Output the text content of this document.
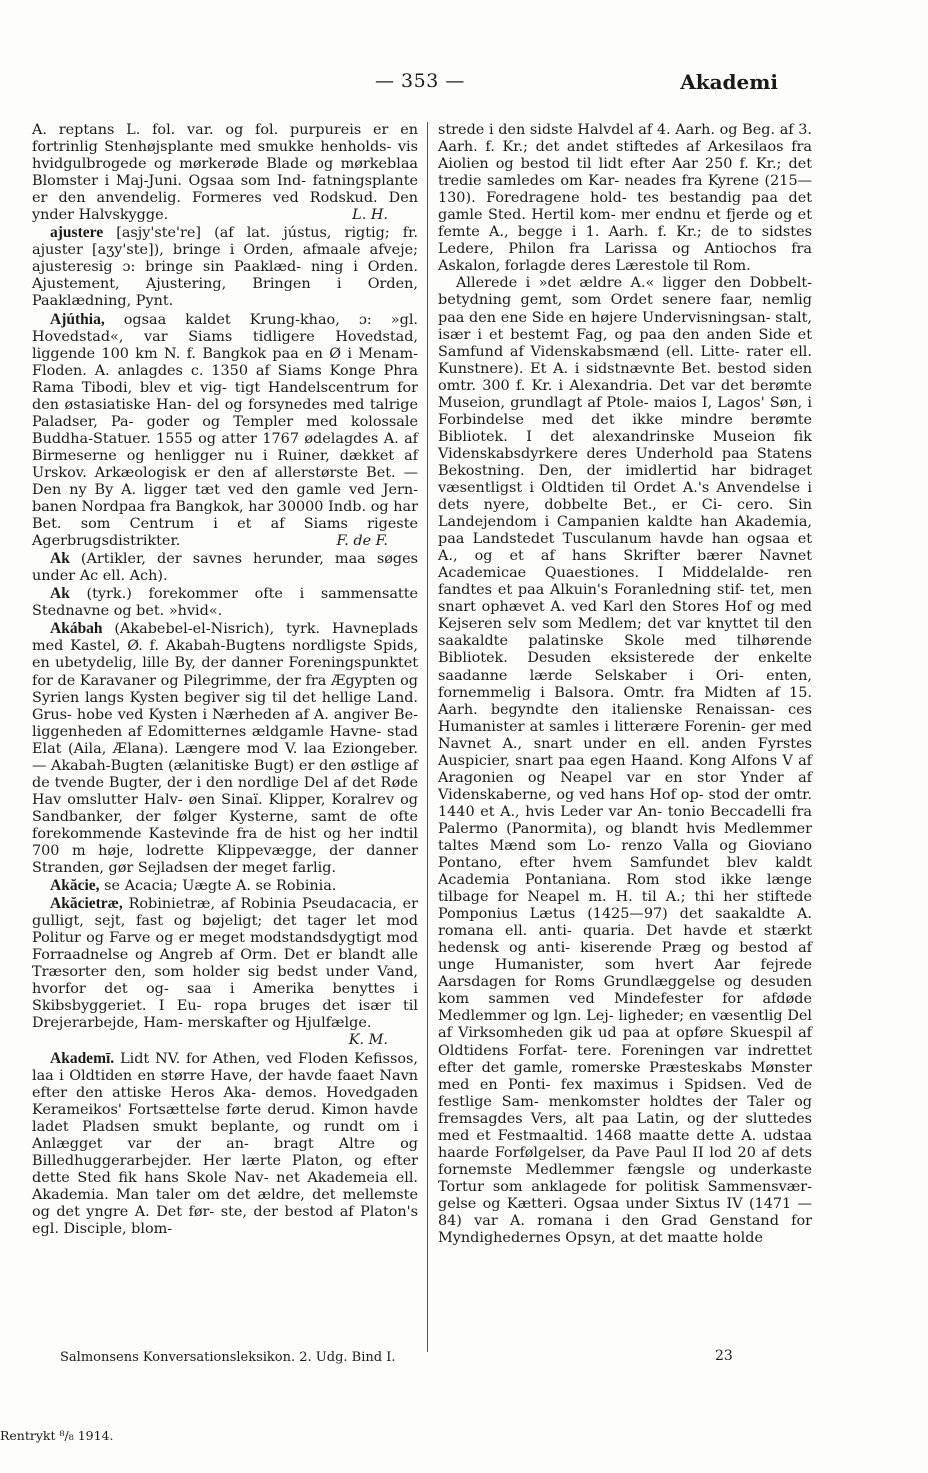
— 353 —	Akademi

A. reptans L. fol. var. og fol. purpureis er en fortrinlig Stenhøjsplante med smukke henholds- vis hvidgulbrogede og mørkerøde Blade og mørkeblaa Blomster i Maj-Juni. Ogsaa som Ind- fatningsplante er den anvendelig. Formeres ved Rodskud. Den ynder Halvskygge.	L. H.

ajustere [asjy'ste're] (af lat. jústus, rigtig; fr. ajuster [aʒy'ste]), bringe i Orden, afmaale afveje; ajusteresig ɔ: bringe sin Paaklæd- ning i Orden. Ajustement, Ajustering, Bringen i Orden, Paaklædning, Pynt.

Ajúthia, ogsaa kaldet Krung-khao, ɔ: »gl. Hovedstad«, var Siams tidligere Hovedstad, liggende 100 km N. f. Bangkok paa en Ø i Menam-Floden. A. anlagdes c. 1350 af Siams Konge Phra Rama Tibodi, blev et vig- tigt Handelscentrum for den østasiatiske Han- del og forsynedes med talrige Paladser, Pa- goder og Templer med kolossale Buddha-Statuer. 1555 og atter 1767 ødelagdes A. af Birmeserne og henligger nu i Ruiner, dækket af Urskov. Arkæologisk er den af allerstørste Bet. — Den ny By A. ligger tæt ved den gamle ved Jern- banen Nordpaa fra Bangkok, har 30000 Indb. og har Bet. som Centrum i et af Siams rigeste Agerbrugsdistrikter.	F. de F.

Ak (Artikler, der savnes herunder, maa søges under Ac ell. Ach).

Ak (tyrk.) forekommer ofte i sammensatte Stednavne og bet. »hvid«.

Akábah (Akabebel-el-Nisrich), tyrk. Havneplads med Kastel, Ø. f. Akabah-Bugtens nordligste Spids, en ubetydelig, lille By, der danner Foreningspunktet for de Karavaner og Pilegrimme, der fra Ægypten og Syrien langs Kysten begiver sig til det hellige Land. Grus- hobe ved Kysten i Nærheden af A. angiver Be- liggenheden af Edomitternes ældgamle Havne- stad Elat (Aila, Ælana). Længere mod V. laa Eziongeber. — Akabah-Bugten (ælanitiske Bugt) er den østlige af de tvende Bugter, der i den nordlige Del af det Røde Hav omslutter Halv- øen Sinaï. Klipper, Koralrev og Sandbanker, der følger Kysterne, samt de ofte forekommende Kastevinde fra de hist og her indtil 700 m høje, lodrette Klippevægge, der danner Stranden, gør Sejladsen der meget farlig.

Akăcie, se Acacia; Uægte A. se Robinia.

Akăcietræ, Robinietræ, af Robinia Pseudacacia, er gulligt, sejt, fast og bøjeligt; det tager let mod Politur og Farve og er meget modstandsdygtigt mod Forraadnelse og Angreb af Orm. Det er blandt alle Træsorter den, som holder sig bedst under Vand, hvorfor det og- saa i Amerika benyttes i Skibsbyggeriet. I Eu- ropa bruges det især til Drejerarbejde, Ham- merskafter og Hjulfælge.
K. M.

Akademī. Lidt NV. for Athen, ved Floden Kefissos, laa i Oldtiden en større Have, der havde faaet Navn efter den attiske Heros Aka- demos. Hovedgaden Kerameikos' Fortsættelse førte derud. Kimon havde ladet Pladsen smukt beplante, og rundt om i Anlægget var der an- bragt Altre og Billedhuggerarbejder. Her lærte Platon, og efter dette Sted fik hans Skole Nav- net Akademeia ell. Akademia. Man taler om det ældre, det mellemste og det yngre A. Det før- ste, der bestod af Platon's egl. Disciple, blom-

strede i den sidste Halvdel af 4. Aarh. og Beg. af 3. Aarh. f. Kr.; det andet stiftedes af Arkesilaos fra Aiolien og bestod til lidt efter Aar 250 f. Kr.; det tredie samledes om Kar- neades fra Kyrene (215—130). Foredragene hold- tes bestandig paa det gamle Sted. Hertil kom- mer endnu et fjerde og et femte A., begge i 1. Aarh. f. Kr.; de to sidstes Ledere, Philon fra Larissa og Antiochos fra Askalon, forlagde deres Lærestole til Rom.

Allerede i »det ældre A.« ligger den Dobbelt- betydning gemt, som Ordet senere faar, nemlig paa den ene Side en højere Undervisningsan- stalt, især i et bestemt Fag, og paa den anden Side et Samfund af Videnskabsmænd (ell. Litte- rater ell. Kunstnere). Et A. i sidstnævnte Bet. bestod siden omtr. 300 f. Kr. i Alexandria. Det var det berømte Museion, grundlagt af Ptole- maios I, Lagos' Søn, i Forbindelse med det ikke mindre berømte Bibliotek. I det alexandrinske Museion fik Videnskabsdyrkere deres Underhold paa Statens Bekostning. Den, der imidlertid har bidraget væsentligst i Oldtiden til Ordet A.'s Anvendelse i dets nyere, dobbelte Bet., er Ci- cero. Sin Landejendom i Campanien kaldte han Akademia, paa Landstedet Tusculanum havde han ogsaa et A., og et af hans Skrifter bærer Navnet Academicae Quaestiones. I Middelalde- ren fandtes et paa Alkuin's Foranledning stif- tet, men snart ophævet A. ved Karl den Stores Hof og med Kejseren selv som Medlem; det var knyttet til den saakaldte palatinske Skole med tilhørende Bibliotek. Desuden eksisterede der enkelte saadanne lærde Selskaber i Ori- enten, fornemmelig i Balsora. Omtr. fra Midten af 15. Aarh. begyndte den italienske Renaissan- ces Humanister at samles i litterære Forenin- ger med Navnet A., snart under en ell. anden Fyrstes Auspicier, snart paa egen Haand. Kong Alfons V af Aragonien og Neapel var en stor Ynder af Videnskaberne, og ved hans Hof op- stod der omtr. 1440 et A., hvis Leder var An- tonio Beccadelli fra Palermo (Panormita), og blandt hvis Medlemmer taltes Mænd som Lo- renzo Valla og Gioviano Pontano, efter hvem Samfundet blev kaldt Academia Pontaniana. Rom stod ikke længe tilbage for Neapel m. H. til A.; thi her stiftede Pomponius Lætus (1425—97) det saakaldte A. romana ell. anti- quaria. Det havde et stærkt hedensk og anti- kiserende Præg og bestod af unge Humanister, som hvert Aar fejrede Aarsdagen for Roms Grundlæggelse og desuden kom sammen ved Mindefester for afdøde Medlemmer og lgn. Lej- ligheder; en væsentlig Del af Virksomheden gik ud paa at opføre Skuespil af Oldtidens Forfat- tere. Foreningen var indrettet efter det gamle, romerske Præsteskabs Mønster med en Ponti- fex maximus i Spidsen. Ved de festlige Sam- menkomster holdtes der Taler og fremsagdes Vers, alt paa Latin, og der sluttedes med et Festmaaltid. 1468 maatte dette A. udstaa haarde Forfølgelser, da Pave Paul II lod 20 af dets fornemste Medlemmer fængsle og underkaste Tortur som anklagede for politisk Sammensvær- gelse og Kætteri. Ogsaa under Sixtus IV (1471 —84) var A. romana i den Grad Genstand for Myndighedernes Opsyn, at det maatte holde

Salmonsens Konversationsleksikon. 2. Udg. Bind I.	23
Rentrykt ⁸/₈ 1914.
